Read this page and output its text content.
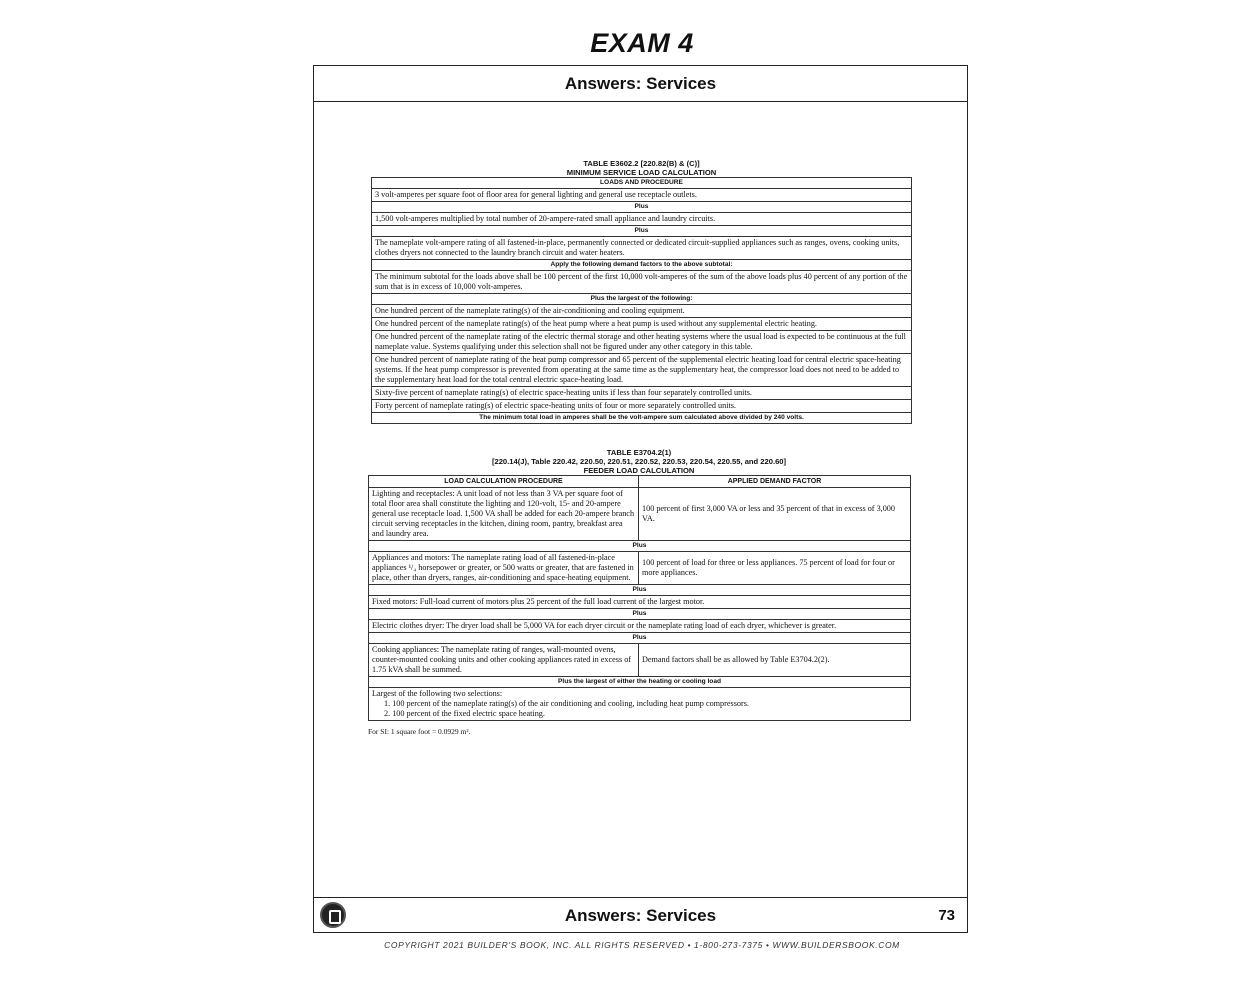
EXAM 4
Answers: Services
TABLE E3602.2 [220.82(B) & (C)]
MINIMUM SERVICE LOAD CALCULATION
LOADS AND PROCEDURE
3 volt-amperes per square foot of floor area for general lighting and general use receptacle outlets.
Plus
1,500 volt-amperes multiplied by total number of 20-ampere-rated small appliance and laundry circuits.
Plus
The nameplate volt-ampere rating of all fastened-in-place, permanently connected or dedicated circuit-supplied appliances such as ranges, ovens, cooking units, clothes dryers not connected to the laundry branch circuit and water heaters.
Apply the following demand factors to the above subtotal:
The minimum subtotal for the loads above shall be 100 percent of the first 10,000 volt-amperes of the sum of the above loads plus 40 percent of any portion of the sum that is in excess of 10,000 volt-amperes.
Plus the largest of the following:
One hundred percent of the nameplate rating(s) of the air-conditioning and cooling equipment.
One hundred percent of the nameplate rating(s) of the heat pump where a heat pump is used without any supplemental electric heating.
One hundred percent of the nameplate rating of the electric thermal storage and other heating systems where the usual load is expected to be continuous at the full nameplate value. Systems qualifying under this selection shall not be figured under any other category in this table.
One hundred percent of nameplate rating of the heat pump compressor and 65 percent of the supplemental electric heating load for central electric space-heating systems. If the heat pump compressor is prevented from operating at the same time as the supplementary heat, the compressor load does not need to be added to the supplementary heat load for the total central electric space-heating load.
Sixty-five percent of nameplate rating(s) of electric space-heating units if less than four separately controlled units.
Forty percent of nameplate rating(s) of electric space-heating units of four or more separately controlled units.
The minimum total load in amperes shall be the volt-ampere sum calculated above divided by 240 volts.
TABLE E3704.2(1)
[220.14(J), Table 220.42, 220.50, 220.51, 220.52, 220.53, 220.54, 220.55, and 220.60]
FEEDER LOAD CALCULATION
LOAD CALCULATION PROCEDURE	APPLIED DEMAND FACTOR
Lighting and receptacles: A unit load of not less than 3 VA per square foot of total floor area shall constitute the lighting and 120-volt, 15- and 20-ampere general use receptacle load. 1,500 VA shall be added for each 20-ampere branch circuit serving receptacles in the kitchen, dining room, pantry, breakfast area and laundry area.	100 percent of first 3,000 VA or less and 35 percent of that in excess of 3,000 VA.
Plus	
Appliances and motors: The nameplate rating load of all fastened-in-place appliances ¹/₄ horsepower or greater, or 500 watts or greater, that are fastened in place, other than dryers, ranges, air-conditioning and space-heating equipment.	100 percent of load for three or less appliances. 75 percent of load for four or more appliances.
Plus	
Fixed motors: Full-load current of motors plus 25 percent of the full load current of the largest motor.	
Plus	
Electric clothes dryer: The dryer load shall be 5,000 VA for each dryer circuit or the nameplate rating load of each dryer, whichever is greater.	
Plus	
Cooking appliances: The nameplate rating of ranges, wall-mounted ovens, counter-mounted cooking units and other cooking appliances rated in excess of 1.75 kVA shall be summed.	Demand factors shall be as allowed by Table E3704.2(2).
Plus the largest of either the heating or cooling load	

Largest of the following two selections:
1. 100 percent of the nameplate rating(s) of the air conditioning and cooling, including heat pump compressors.
2. 100 percent of the fixed electric space heating.	
For SI: 1 square foot = 0.0929 m².
Answers: Services	73
COPYRIGHT 2021 BUILDER'S BOOK, INC. ALL RIGHTS RESERVED • 1-800-273-7375 • WWW.BUILDERSBOOK.COM
